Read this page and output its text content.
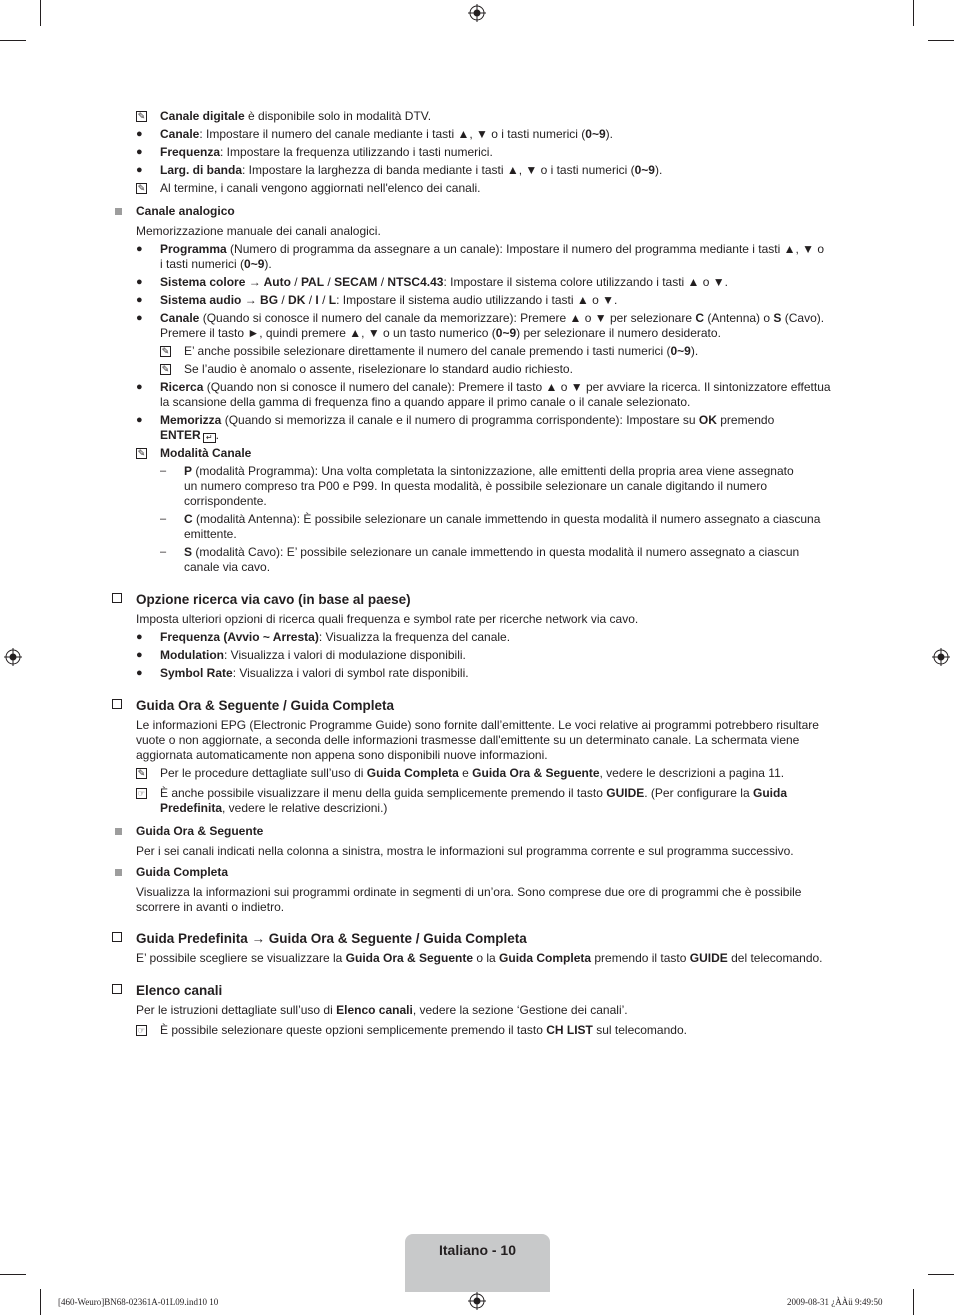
✎ Canale digitale è disponibile solo in modalità DTV.
● Canale: Impostare il numero del canale mediante i tasti ▲, ▼ o i tasti numerici (0~9).
● Frequenza: Impostare la frequenza utilizzando i tasti numerici.
● Larg. di banda: Impostare la larghezza di banda mediante i tasti ▲, ▼ o i tasti numerici (0~9).
✎ Al termine, i canali vengono aggiornati nell'elenco dei canali.
Canale analogico
Memorizzazione manuale dei canali analogici.
● Programma (Numero di programma da assegnare a un canale): Impostare il numero del programma mediante i tasti ▲, ▼ o
i tasti numerici (0~9).
● Sistema colore → Auto / PAL / SECAM / NTSC4.43: Impostare il sistema colore utilizzando i tasti ▲ o ▼.
● Sistema audio → BG / DK / I / L: Impostare il sistema audio utilizzando i tasti ▲ o ▼.
● Canale (Quando si conosce il numero del canale da memorizzare): Premere ▲ o ▼ per selezionare C (Antenna) o S (Cavo).
Premere il tasto ►, quindi premere ▲, ▼ o un tasto numerico (0~9) per selezionare il numero desiderato.
✎ E’ anche possibile selezionare direttamente il numero del canale premendo i tasti numerici (0~9).
✎ Se l’audio è anomalo o assente, riselezionare lo standard audio richiesto.
● Ricerca (Quando non si conosce il numero del canale): Premere il tasto ▲ o ▼ per avviare la ricerca. Il sintonizzatore effettua
la scansione della gamma di frequenza fino a quando appare il primo canale o il canale selezionato.
● Memorizza (Quando si memorizza il canale e il numero di programma corrispondente): Impostare su OK premendo
ENTER ↵ .
✎ Modalità Canale
– P (modalità Programma): Una volta completata la sintonizzazione, alle emittenti della propria area viene assegnato
un numero compreso tra P00 e P99. In questa modalità, è possibile selezionare un canale digitando il numero
corrispondente.
– C (modalità Antenna): È possibile selezionare un canale immettendo in questa modalità il numero assegnato a ciascuna
emittente.
– S (modalità Cavo): E’ possibile selezionare un canale immettendo in questa modalità il numero assegnato a ciascun
canale via cavo.
Opzione ricerca via cavo (in base al paese)
Imposta ulteriori opzioni di ricerca quali frequenza e symbol rate per ricerche network via cavo.
● Frequenza (Avvio ~ Arresta): Visualizza la frequenza del canale.
● Modulation: Visualizza i valori di modulazione disponibili.
● Symbol Rate: Visualizza i valori di symbol rate disponibili.
Guida Ora & Seguente / Guida Completa
Le informazioni EPG (Electronic Programme Guide) sono fornite dall’emittente. Le voci relative ai programmi potrebbero risultare
vuote o non aggiornate, a seconda delle informazioni trasmesse dall'emittente su un determinato canale. La schermata viene
aggiornata automaticamente non appena sono disponibili nuove informazioni.
✎ Per le procedure dettagliate sull’uso di Guida Completa e Guida Ora & Seguente, vedere le descrizioni a pagina 11.
☞ È anche possibile visualizzare il menu della guida semplicemente premendo il tasto GUIDE. (Per configurare la Guida
Predefinita, vedere le relative descrizioni.)
Guida Ora & Seguente
Per i sei canali indicati nella colonna a sinistra, mostra le informazioni sul programma corrente e sul programma successivo.
Guida Completa
Visualizza la informazioni sui programmi ordinate in segmenti di un’ora. Sono comprese due ore di programmi che è possibile
scorrere in avanti o indietro.
Guida Predefinita → Guida Ora & Seguente / Guida Completa
E’ possibile scegliere se visualizzare la Guida Ora & Seguente o la Guida Completa premendo il tasto GUIDE del telecomando.
Elenco canali
Per le istruzioni dettagliate sull’uso di Elenco canali, vedere la sezione ‘Gestione dei canali’.
☞ È possibile selezionare queste opzioni semplicemente premendo il tasto CH LIST sul telecomando.
Italiano - 10
[460-Weuro]BN68-02361A-01L09.ind10 10	2009-08-31 ¿ÀÀü 9:49:50
